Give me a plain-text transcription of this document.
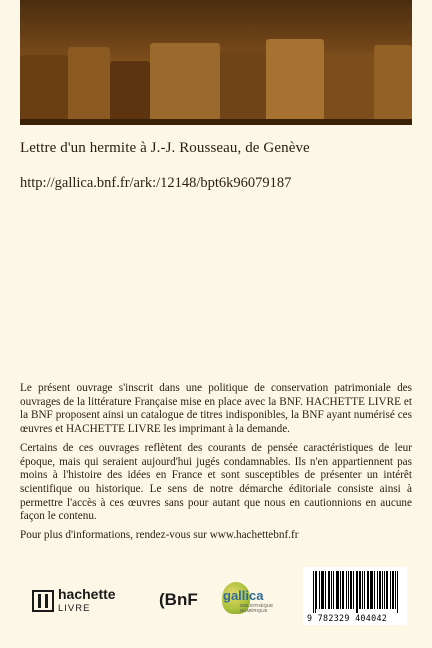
Lettre d'un hermite à J.-J. Rousseau, de Genève
http://gallica.bnf.fr/ark:/12148/bpt6k96079187

Le présent ouvrage s'inscrit dans une politique de conservation patrimoniale des ouvrages de la littérature Française mise en place avec la BNF. HACHETTE LIVRE et la BNF proposent ainsi un catalogue de titres indisponibles, la BNF ayant numérisé ces œuvres et HACHETTE LIVRE les imprimant à la demande.

Certains de ces ouvrages reflètent des courants de pensée caractéristiques de leur époque, mais qui seraient aujourd'hui jugés condamnables. Ils n'en appartiennent pas moins à l'histoire des idées en France et sont susceptibles de présenter un intérêt scientifique ou historique. Le sens de notre démarche éditoriale consiste ainsi à permettre l'accès à ces œuvres sans pour autant que nous en cautionnions en aucune façon le contenu.

Pour plus d'informations, rendez-vous sur www.hachettebnf.fr

hachette
LIVRE	(BnF gallica
BIBLIOTHÈQUE NUMÉRIQUE
9 782329 404042
